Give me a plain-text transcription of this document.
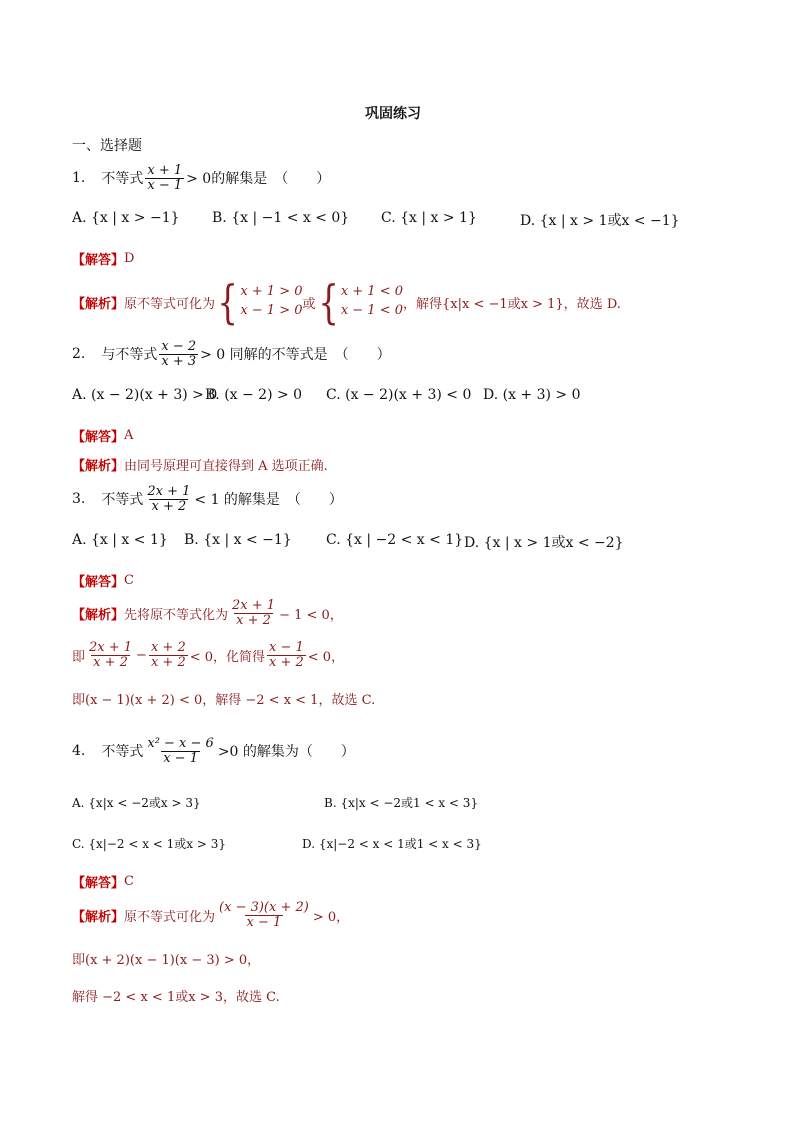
巩固练习
一、选择题
1. 不等式 $\frac{x + 1}{x - 1} > 0$的解集是　（　　）
A. {x | x > −1} B. {x | −1 < x < 0} C. {x | x > 1}	D. {x | x > 1或x < −1}
【解答】 D
【解析】 原不等式可化为 { x + 1 > 0
x − 1 > 0 或 { x + 1 < 0
x − 1 < 0 ，解得{x|x < −1或x > 1}，故选 D.
2. 与不等式 $\frac{x - 2}{x + 3} > 0$ 同解的不等式是　（　　）
A. (x − 2)(x + 3) > 0
B. (x − 2) > 0 C. (x − 2)(x + 3) < 0 D. (x + 3) > 0
【解答】 A
【解析】 由同号原理可直接得到 A 选项正确.
3. 不等式 $\frac{2x + 1}{x + 2} < 1$ 的解集是　（　　）
A. {x | x < 1} B. {x | x < −1} C. {x | −2 < x < 1} D. {x | x > 1或x < −2}
【解答】 C
【解析】 先将原不等式化为 $\frac{2x + 1}{x + 2} - 1 < 0$，
即 $\frac{2x + 1}{x + 2} - \frac{x + 2}{x + 2} < 0$，化简得 $\frac{x - 1}{x + 2} < 0$，
即(x − 1)(x + 2) < 0，解得 −2 < x < 1，故选 C.
4. 不等式 $\frac{\text{x² − x − 6}}{x - 1} >0$ 的解集为（　　）
A. {x|x < −2或x > 3}	B. {x|x < −2或1 < x < 3}
C. {x|−2 < x < 1或x > 3}	D. {x|−2 < x < 1或1 < x < 3}
【解答】 C
【解析】 原不等式可化为 $\frac{(x - 3)(x + 2)}{x - 1} > 0$，
即(x + 2)(x − 1)(x − 3) > 0，
解得 −2 < x < 1或x > 3，故选 C.
